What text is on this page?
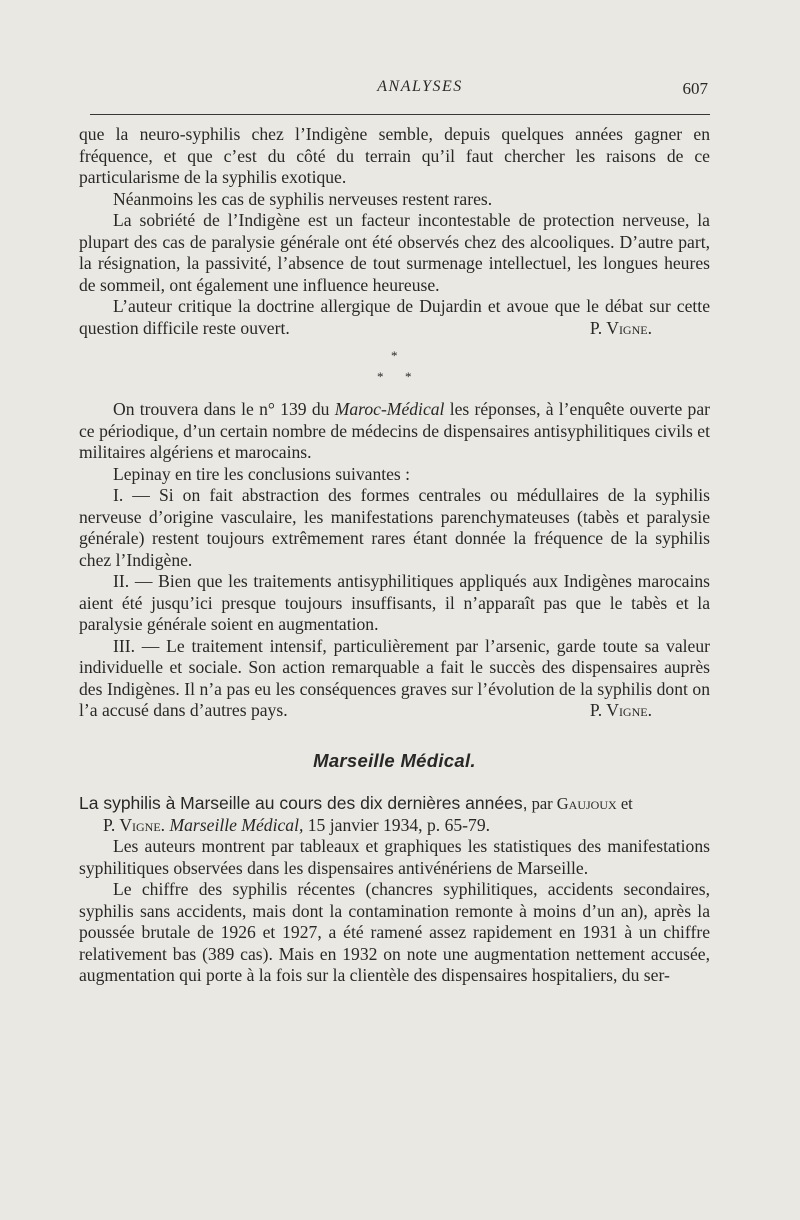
ANALYSES	607

que la neuro-syphilis chez l’Indigène semble, depuis quelques années gagner en fréquence, et que c’est du côté du terrain qu’il faut chercher les raisons de ce particularisme de la syphilis exotique.

Néanmoins les cas de syphilis nerveuses restent rares.

La sobriété de l’Indigène est un facteur incontestable de protection nerveuse, la plupart des cas de paralysie générale ont été observés chez des alcooliques. D’autre part, la résignation, la passivité, l’absence de tout surmenage intellectuel, les longues heures de sommeil, ont également une influence heureuse.

L’auteur critique la doctrine allergique de Dujardin et avoue que le débat sur cette question difficile reste ouvert.	P. Vigne.

*
* *

On trouvera dans le n° 139 du Maroc-Médical les réponses, à l’enquête ouverte par ce périodique, d’un certain nombre de médecins de dispensaires antisyphilitiques civils et militaires algériens et marocains.

Lepinay en tire les conclusions suivantes :

I. — Si on fait abstraction des formes centrales ou médullaires de la syphilis nerveuse d’origine vasculaire, les manifestations parenchymateuses (tabès et paralysie générale) restent toujours extrêmement rares étant donnée la fréquence de la syphilis chez l’Indigène.

II. — Bien que les traitements antisyphilitiques appliqués aux Indigènes marocains aient été jusqu’ici presque toujours insuffisants, il n’apparaît pas que le tabès et la paralysie générale soient en augmentation.

III. — Le traitement intensif, particulièrement par l’arsenic, garde toute sa valeur individuelle et sociale. Son action remarquable a fait le succès des dispensaires auprès des Indigènes. Il n’a pas eu les conséquences graves sur l’évolution de la syphilis dont on l’a accusé dans d’autres pays.	P. Vigne.

Marseille Médical.

La syphilis à Marseille au cours des dix dernières années, par Gaujoux et
P. Vigne. Marseille Médical, 15 janvier 1934, p. 65-79.

Les auteurs montrent par tableaux et graphiques les statistiques des manifestations syphilitiques observées dans les dispensaires antivénériens de Marseille.

Le chiffre des syphilis récentes (chancres syphilitiques, accidents secondaires, syphilis sans accidents, mais dont la contamination remonte à moins d’un an), après la poussée brutale de 1926 et 1927, a été ramené assez rapidement en 1931 à un chiffre relativement bas (389 cas). Mais en 1932 on note une augmentation nettement accusée, augmentation qui porte à la fois sur la clientèle des dispensaires hospitaliers, du ser-
